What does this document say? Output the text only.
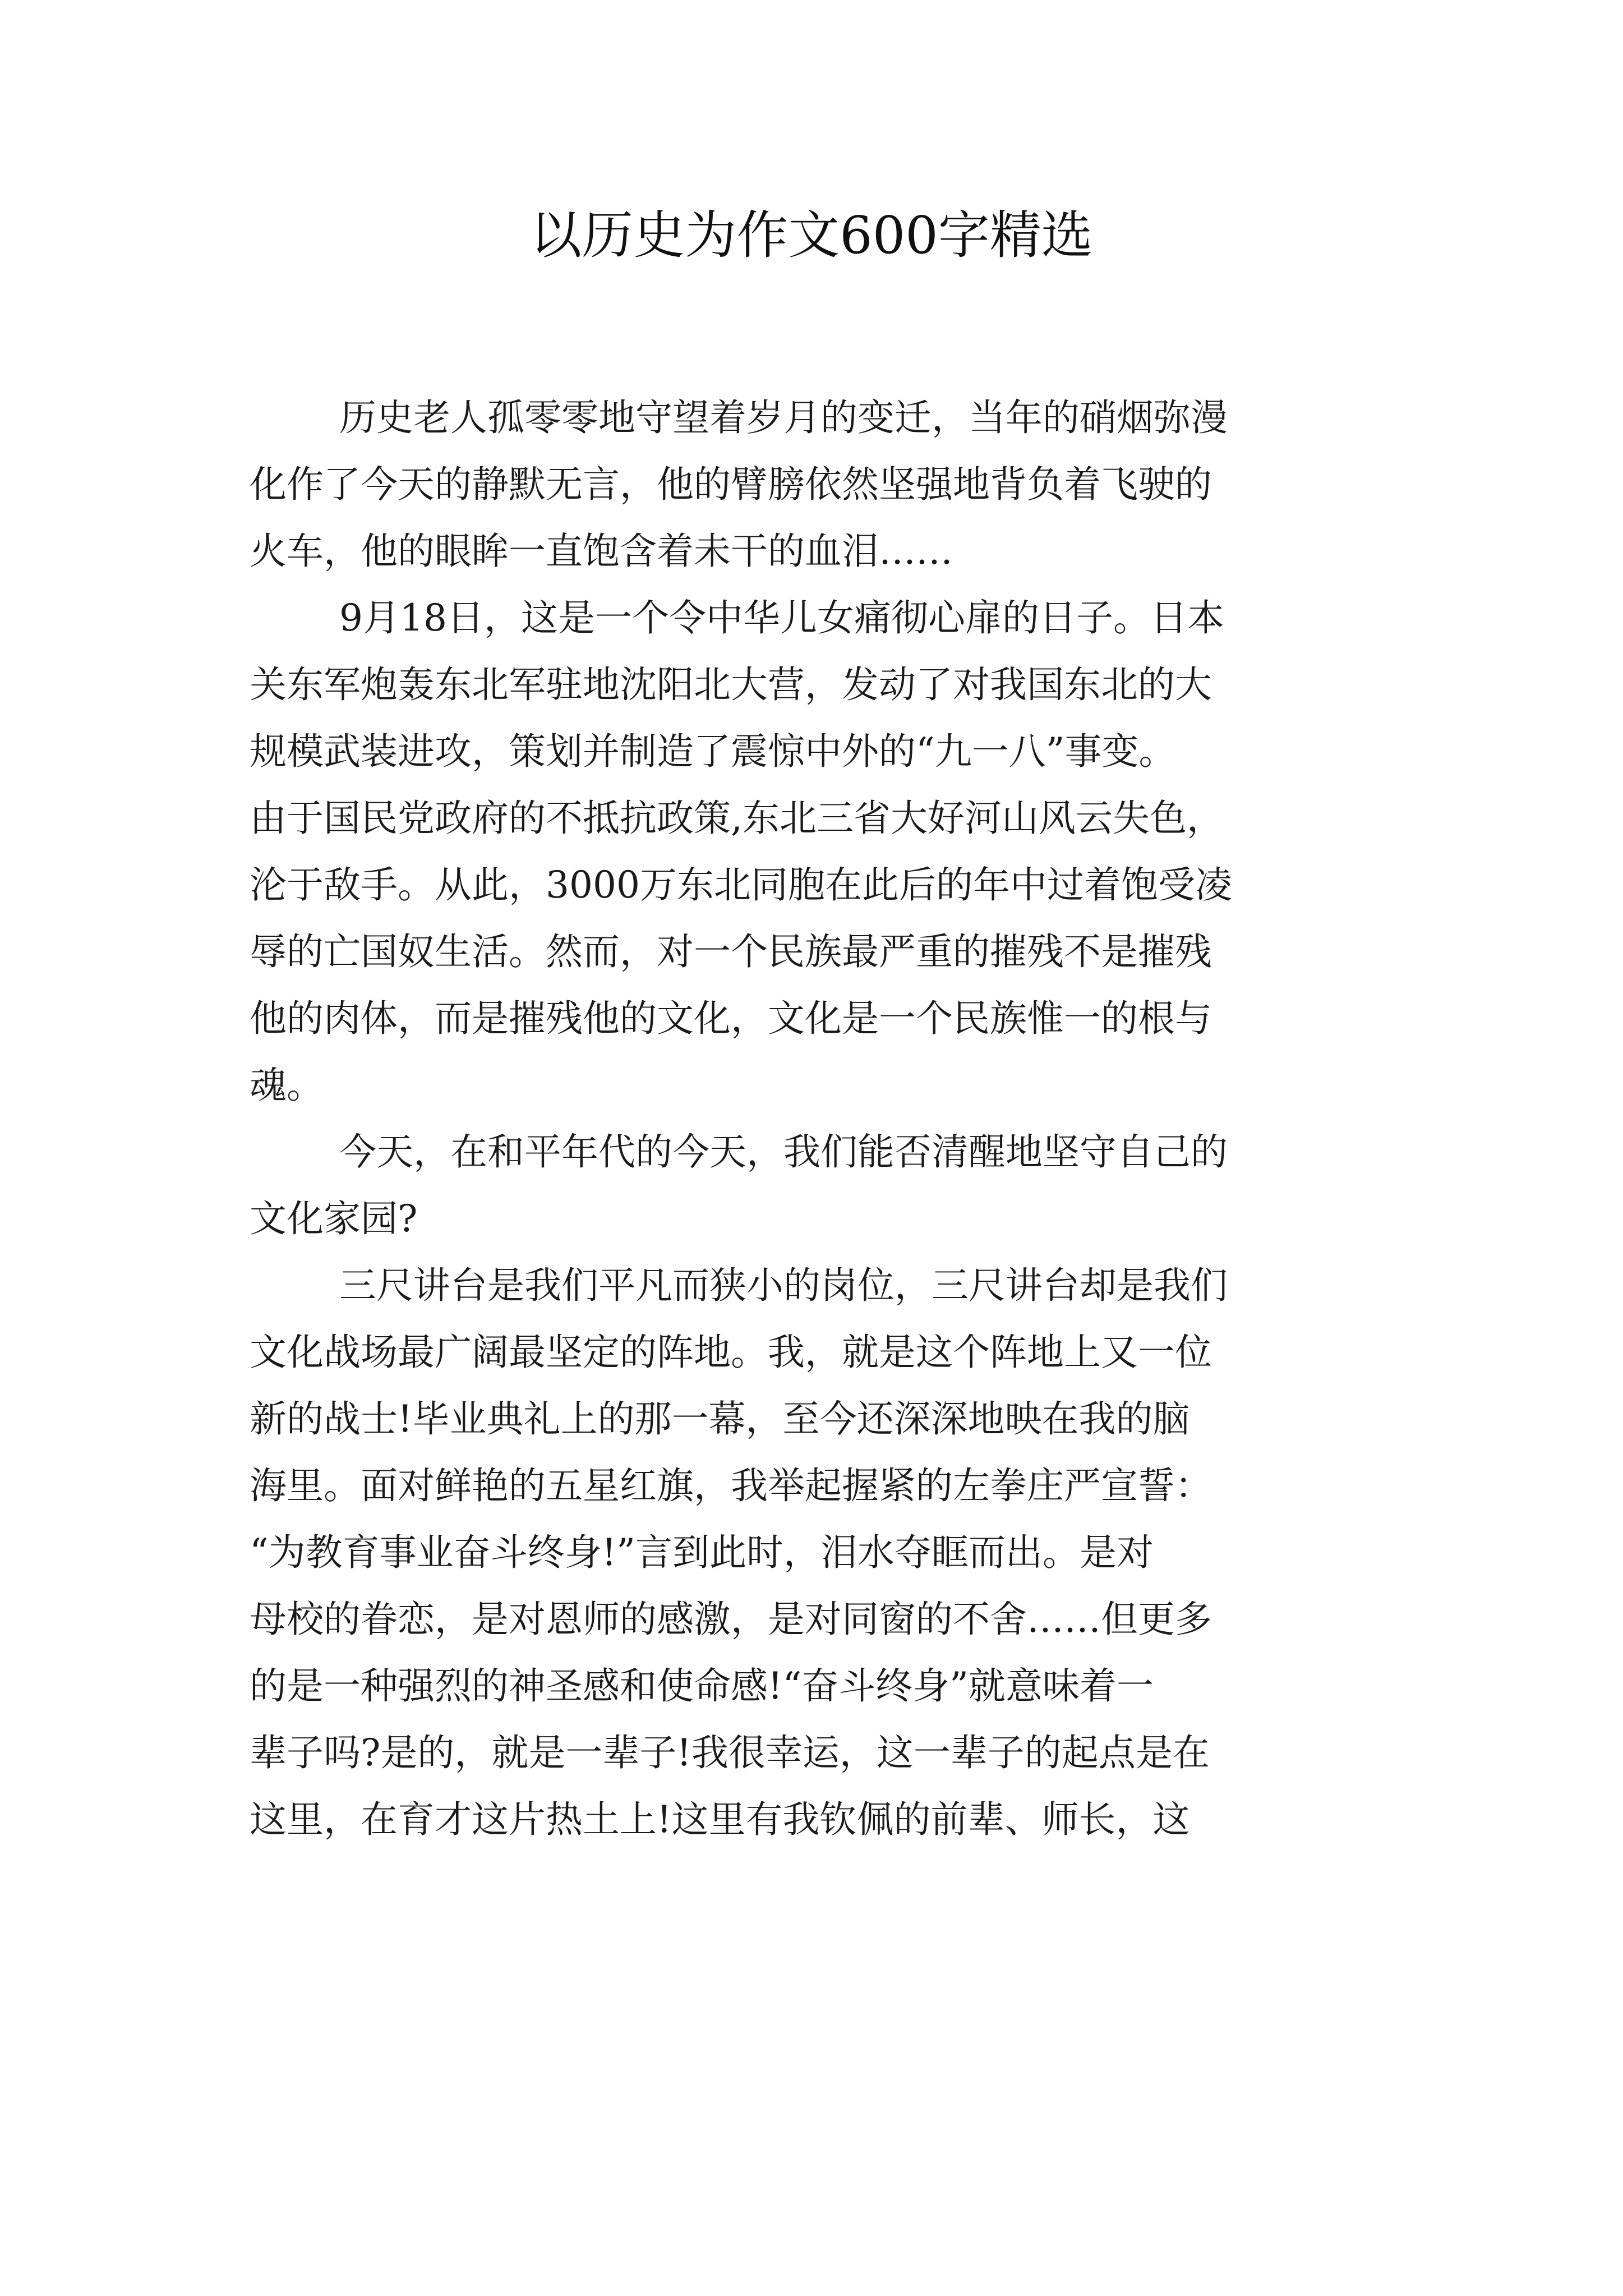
以历史为作文600字精选
历史老人孤零零地守望着岁月的变迁，当年的硝烟弥漫
化作了今天的静默无言，他的臂膀依然坚强地背负着飞驶的
火车，他的眼眸一直饱含着未干的血泪……
9月18日，这是一个令中华儿女痛彻心扉的日子。日本
关东军炮轰东北军驻地沈阳北大营，发动了对我国东北的大
规模武装进攻，策划并制造了震惊中外的“九一八”事变。
由于国民党政府的不抵抗政策,东北三省大好河山风云失色，
沦于敌手。从此，3000万东北同胞在此后的年中过着饱受凌
辱的亡国奴生活。然而，对一个民族最严重的摧残不是摧残
他的肉体，而是摧残他的文化，文化是一个民族惟一的根与
魂。
今天，在和平年代的今天，我们能否清醒地坚守自己的
文化家园?
三尺讲台是我们平凡而狭小的岗位，三尺讲台却是我们
文化战场最广阔最坚定的阵地。我，就是这个阵地上又一位
新的战士!毕业典礼上的那一幕，至今还深深地映在我的脑
海里。面对鲜艳的五星红旗，我举起握紧的左拳庄严宣誓：
“为教育事业奋斗终身!”言到此时，泪水夺眶而出。是对
母校的眷恋，是对恩师的感激，是对同窗的不舍……但更多
的是一种强烈的神圣感和使命感!“奋斗终身”就意味着一
辈子吗?是的，就是一辈子!我很幸运，这一辈子的起点是在
这里，在育才这片热土上!这里有我钦佩的前辈、师长，这
